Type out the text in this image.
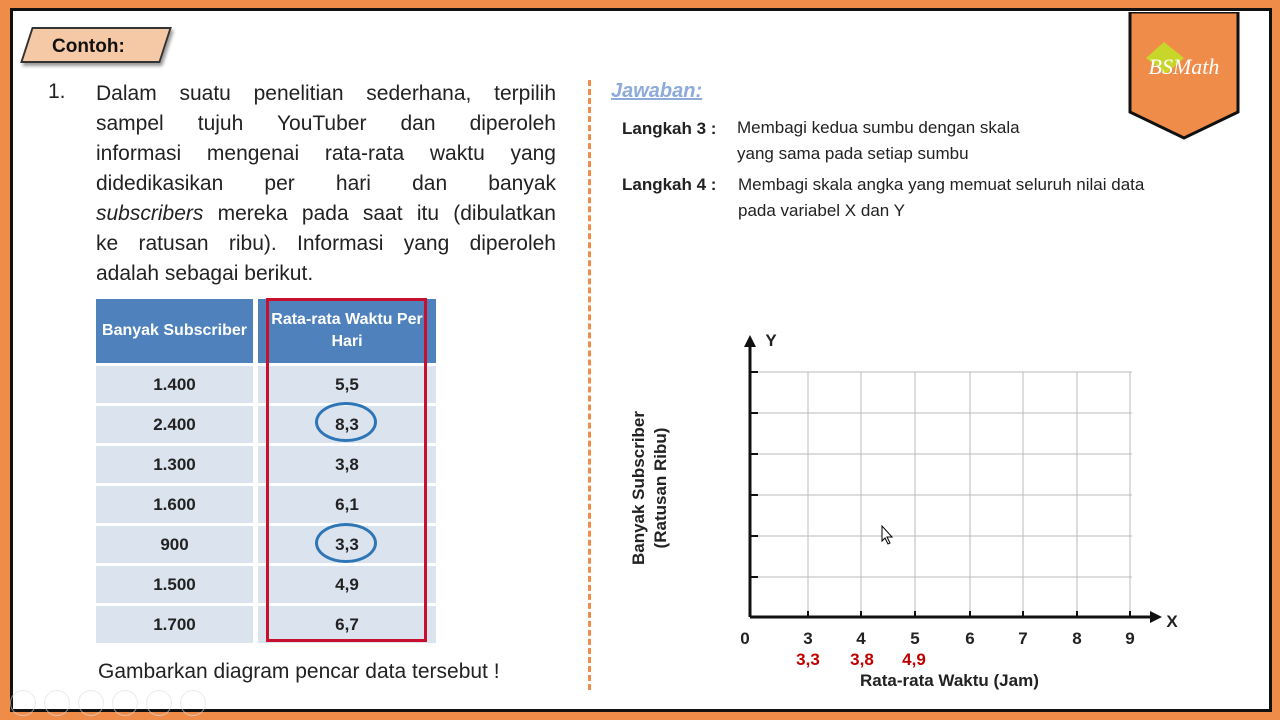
Contoh:
BSMath
1. Dalam suatu penelitian sederhana, terpilih
sampel tujuh YouTuber dan diperoleh
informasi mengenai rata-rata waktu yang
didedikasikan per hari dan banyak
subscribers mereka pada saat itu (dibulatkan
ke ratusan ribu). Informasi yang diperoleh
adalah sebagai berikut.
Banyak Subscriber	Rata-rata Waktu Per Hari
1.400	5,5
2.400	8,3
1.300	3,8
1.600	6,1
900	3,3
1.500	4,9
1.700	6,7
Gambarkan diagram pencar data tersebut !
Jawaban:
Langkah 3 : Membagi kedua sumbu dengan skala
yang sama pada setiap sumbu
Langkah 4 : Membagi skala angka yang memuat seluruh nilai data
pada variabel X dan Y
0	3	4	5	6	7	8	9
3,3 3,8 4,9
Y
X
Banyak Subscriber (Ratusan Ribu)
Rata-rata Waktu (Jam)
